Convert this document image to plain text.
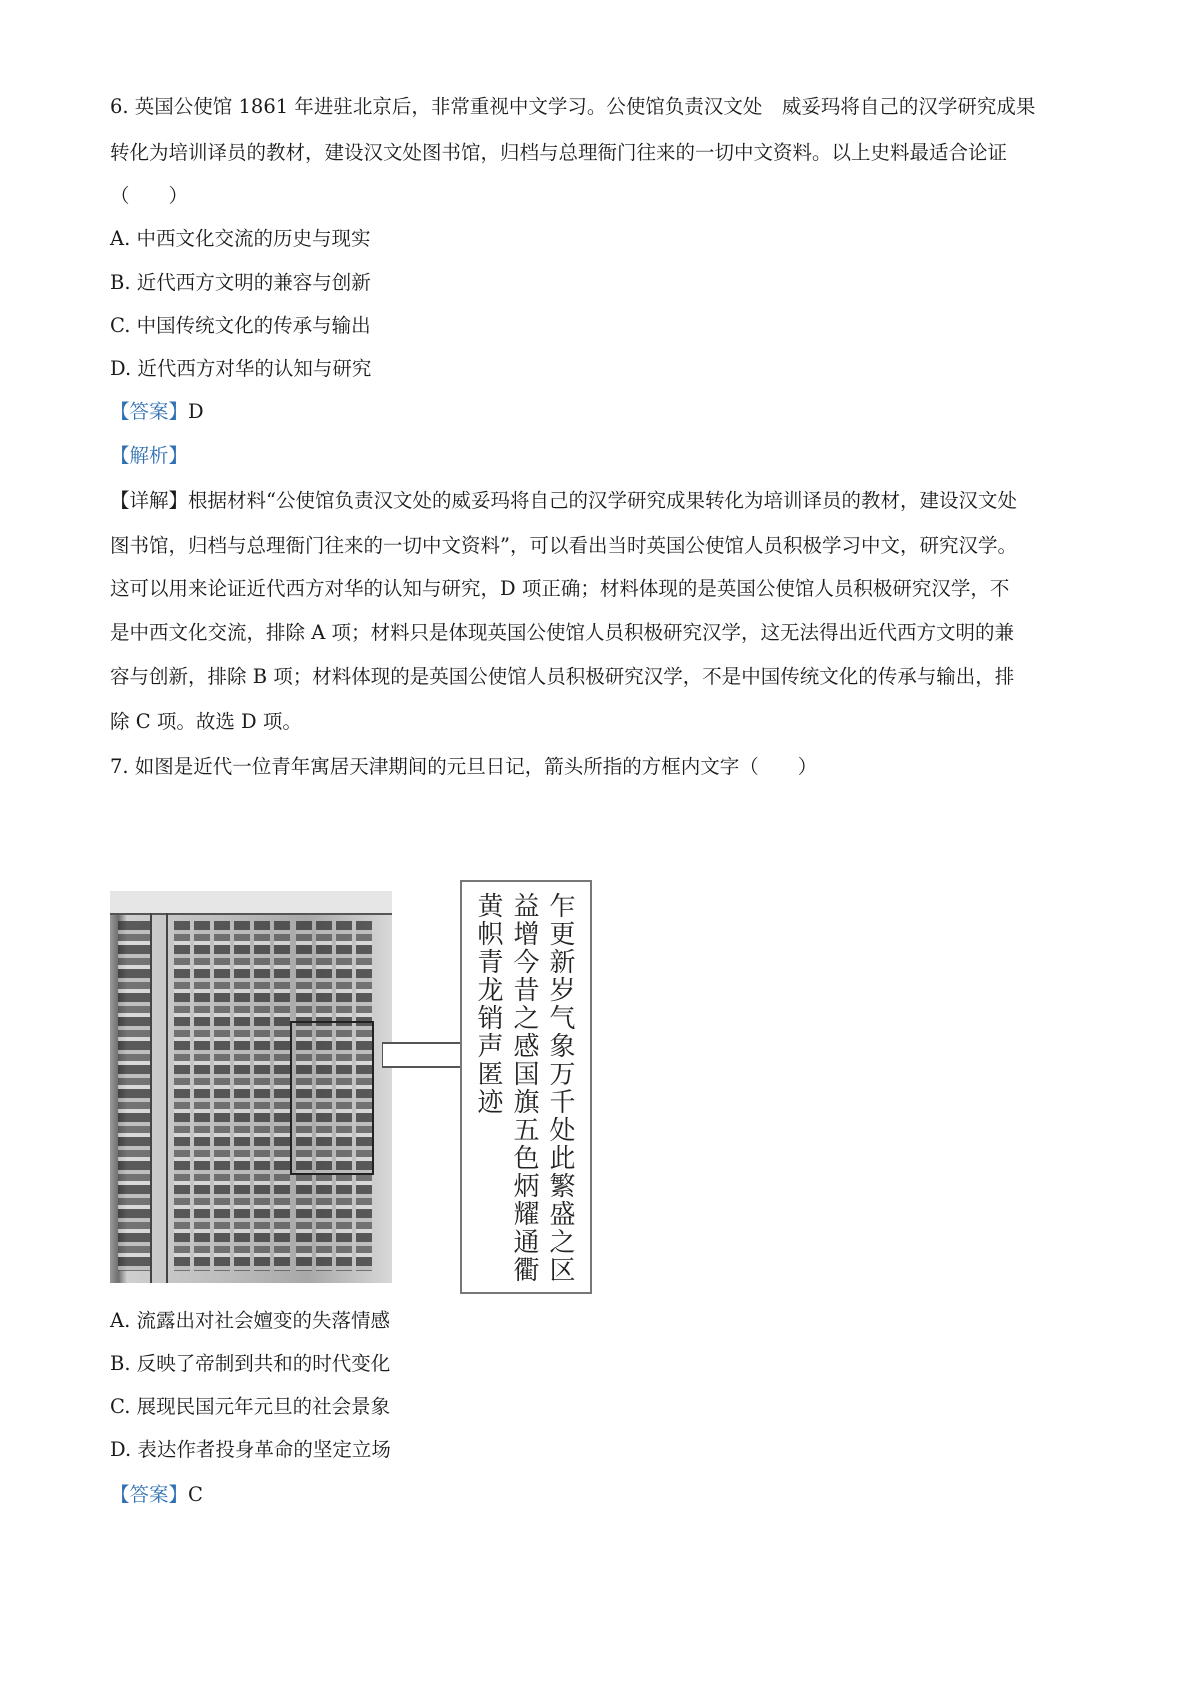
6. 英国公使馆 1861 年进驻北京后，非常重视中文学习。公使馆负责汉文处　威妥玛将自己的汉学研究成果
转化为培训译员的教材，建设汉文处图书馆，归档与总理衙门往来的一切中文资料。以上史料最适合论证
（　　）
A. 中西文化交流的历史与现实
B. 近代西方文明的兼容与创新
C. 中国传统文化的传承与输出
D. 近代西方对华的认知与研究
【答案】D
【解析】
【详解】根据材料“公使馆负责汉文处的威妥玛将自己的汉学研究成果转化为培训译员的教材，建设汉文处
图书馆，归档与总理衙门往来的一切中文资料”，可以看出当时英国公使馆人员积极学习中文，研究汉学。
这可以用来论证近代西方对华的认知与研究，D 项正确；材料体现的是英国公使馆人员积极研究汉学，不
是中西文化交流，排除 A 项；材料只是体现英国公使馆人员积极研究汉学，这无法得出近代西方文明的兼
容与创新，排除 B 项；材料体现的是英国公使馆人员积极研究汉学，不是中国传统文化的传承与输出，排
除 C 项。故选 D 项。
7. 如图是近代一位青年寓居天津期间的元旦日记，箭头所指的方框内文字（　　）
乍更新岁气象万千处此繁盛之区
益增今昔之感国旗五色炳耀通衢
黄帜青龙销声匿迹
A. 流露出对社会嬗变的失落情感
B. 反映了帝制到共和的时代变化
C. 展现民国元年元旦的社会景象
D. 表达作者投身革命的坚定立场
【答案】C
